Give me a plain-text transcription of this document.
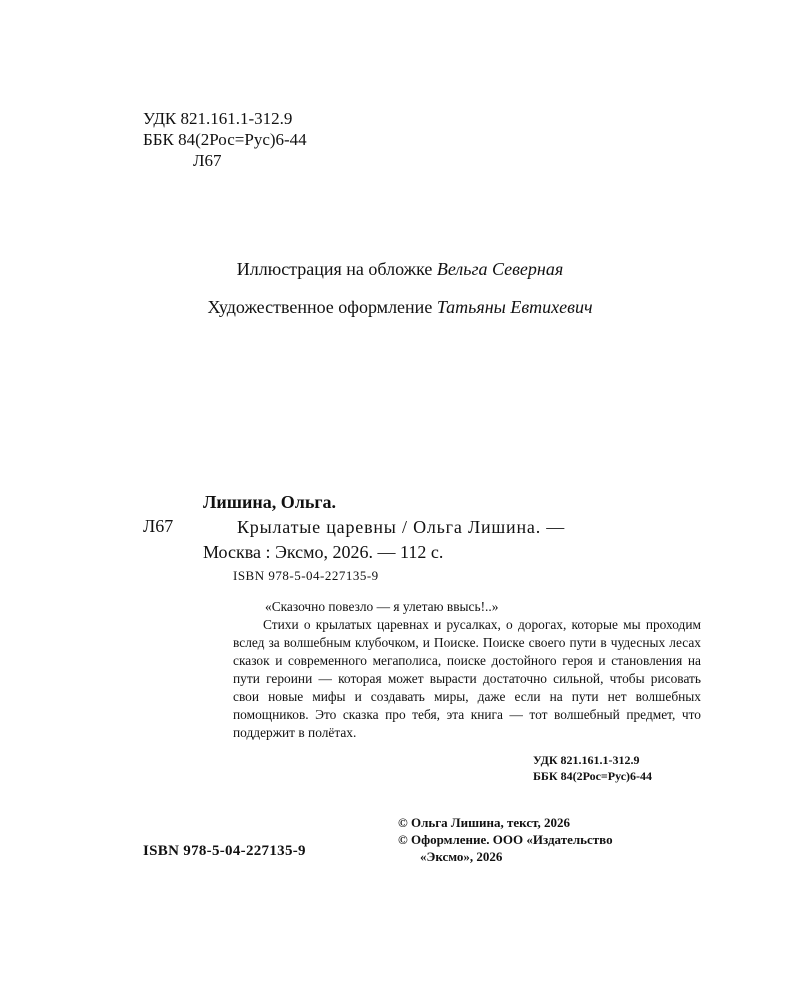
УДК 821.161.1-312.9
ББК 84(2Рос=Рус)6-44
Л67
Иллюстрация на обложке Вельга Северная
Художественное оформление Татьяны Евтихевич
Л67
Лишина, Ольга.
Крылатые царевны / Ольга Лишина. —
Москва : Эксмо, 2026. — 112 с.
ISBN 978-5-04-227135-9

«Сказочно повезло — я улетаю ввысь!..»

Стихи о крылатых царевнах и русалках, о дорогах, которые мы проходим вслед за волшебным клубочком, и Поиске. Поиске своего пути в чудесных лесах сказок и современного мегаполиса, поиске достойного героя и становления на пути героини — которая может вырасти достаточно сильной, чтобы рисовать свои новые мифы и создавать миры, даже если на пути нет волшебных помощников. Это сказка про тебя, эта книга — тот волшебный предмет, что поддержит в полётах.

УДК 821.161.1-312.9
ББК 84(2Рос=Рус)6-44
© Ольга Лишина, текст, 2026
© Оформление. ООО «Издательство
«Эксмо», 2026
ISBN 978-5-04-227135-9
